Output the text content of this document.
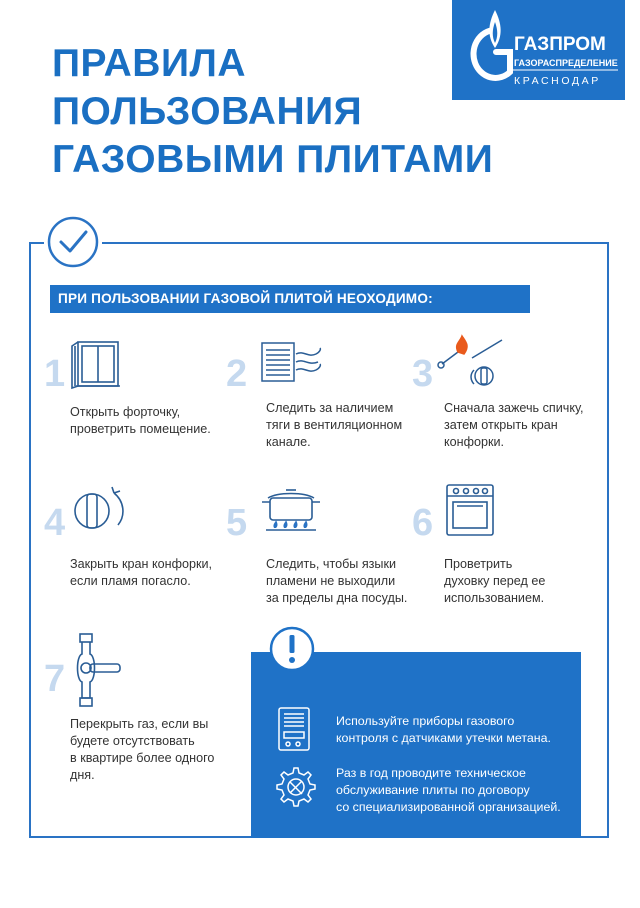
ПРАВИЛА
ПОЛЬЗОВАНИЯ
ГАЗОВЫМИ ПЛИТАМИ
ГАЗПРОМ
ГАЗОРАСПРЕДЕЛЕНИЕ
КРАСНОДАР
ПРИ ПОЛЬЗОВАНИИ ГАЗОВОЙ ПЛИТОЙ НЕОХОДИМО:
1
Открыть форточку,
проветрить помещение.
2
Следить за наличием
тяги в вентиляционном
канале.
3
Сначала зажечь спичку,
затем открыть кран
конфорки.
4
Закрыть кран конфорки,
если пламя погасло.
5
Следить, чтобы языки
пламени не выходили
за пределы дна посуды.
6
Проветрить
духовку перед ее
использованием.
7
Перекрыть газ, если вы
будете отсутствовать
в квартире более одного
дня.
Используйте приборы газового
контроля с датчиками утечки метана.
Раз в год проводите техническое
обслуживание плиты по договору
со специализированной организацией.
